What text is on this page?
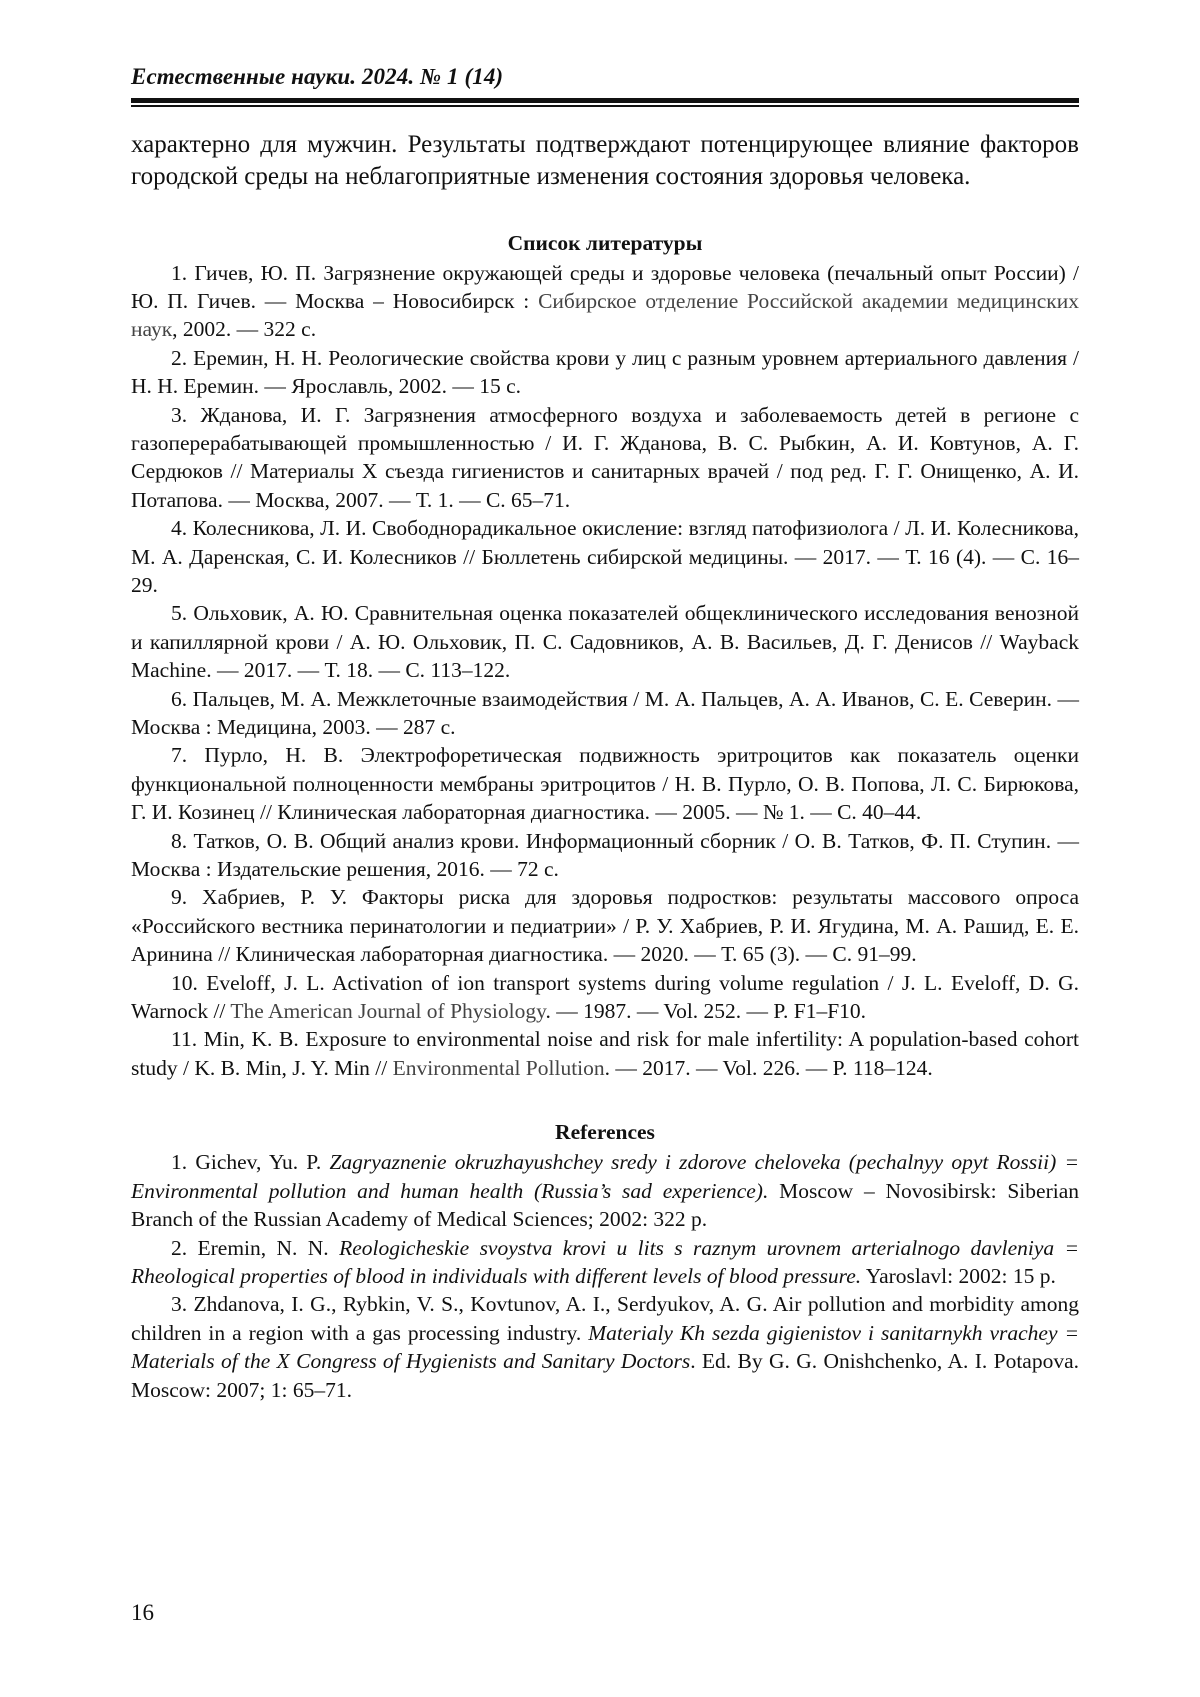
Естественные науки. 2024. № 1 (14)

характерно для мужчин. Результаты подтверждают потенцирующее влияние факторов городской среды на неблагоприятные изменения состояния здоровья человека.

Список литературы

1. Гичев, Ю. П. Загрязнение окружающей среды и здоровье человека (печальный опыт России) / Ю. П. Гичев. — Москва – Новосибирск : Сибирское отделение Российской академии медицинских наук, 2002. — 322 с.

2. Еремин, Н. Н. Реологические свойства крови у лиц с разным уровнем артериального давления / Н. Н. Еремин. — Ярославль, 2002. — 15 с.

3. Жданова, И. Г. Загрязнения атмосферного воздуха и заболеваемость детей в регионе с газоперерабатывающей промышленностью / И. Г. Жданова, В. С. Рыбкин, А. И. Ковтунов, А. Г. Сердюков // Материалы X съезда гигиенистов и санитарных врачей / под ред. Г. Г. Онищенко, А. И. Потапова. — Москва, 2007. — Т. 1. — С. 65–71.

4. Колесникова, Л. И. Свободнорадикальное окисление: взгляд патофизиолога / Л. И. Колесникова, М. А. Даренская, С. И. Колесников // Бюллетень сибирской медицины. — 2017. — Т. 16 (4). — С. 16–29.

5. Ольховик, А. Ю. Сравнительная оценка показателей общеклинического исследования венозной и капиллярной крови / А. Ю. Ольховик, П. С. Садовников, А. В. Васильев, Д. Г. Денисов // Wayback Machine. — 2017. — Т. 18. — С. 113–122.

6. Пальцев, М. А. Межклеточные взаимодействия / М. А. Пальцев, А. А. Иванов, С. Е. Северин. — Москва : Медицина, 2003. — 287 с.

7. Пурло, Н. В. Электрофоретическая подвижность эритроцитов как показатель оценки функциональной полноценности мембраны эритроцитов / Н. В. Пурло, О. В. Попова, Л. С. Бирюкова, Г. И. Козинец // Клиническая лабораторная диагностика. — 2005. — № 1. — С. 40–44.

8. Татков, О. В. Общий анализ крови. Информационный сборник / О. В. Татков, Ф. П. Ступин. — Москва : Издательские решения, 2016. — 72 с.

9. Хабриев, Р. У. Факторы риска для здоровья подростков: результаты массового опроса «Российского вестника перинатологии и педиатрии» / Р. У. Хабриев, Р. И. Ягудина, М. А. Рашид, Е. Е. Аринина // Клиническая лабораторная диагностика. — 2020. — Т. 65 (3). — С. 91–99.

10. Eveloff, J. L. Activation of ion transport systems during volume regulation / J. L. Eveloff, D. G. Warnock // The American Journal of Physiology. — 1987. — Vol. 252. — P. F1–F10.

11. Min, K. B. Exposure to environmental noise and risk for male infertility: A population-based cohort study / K. B. Min, J. Y. Min // Environmental Pollution. — 2017. — Vol. 226. — P. 118–124.

References

1. Gichev, Yu. P. Zagryaznenie okruzhayushchey sredy i zdorove cheloveka (pechalnyy opyt Rossii) = Environmental pollution and human health (Russia’s sad experience). Moscow – Novosibirsk: Siberian Branch of the Russian Academy of Medical Sciences; 2002: 322 p.

2. Eremin, N. N. Reologicheskie svoystva krovi u lits s raznym urovnem arterialnogo davleniya = Rheological properties of blood in individuals with different levels of blood pressure. Yaroslavl: 2002: 15 p.

3. Zhdanova, I. G., Rybkin, V. S., Kovtunov, A. I., Serdyukov, A. G. Air pollution and morbidity among children in a region with a gas processing industry. Materialy Kh sezda gigienistov i sanitarnykh vrachey = Materials of the X Congress of Hygienists and Sanitary Doctors. Ed. By G. G. Onishchenko, A. I. Potapova. Moscow: 2007; 1: 65–71.

16
